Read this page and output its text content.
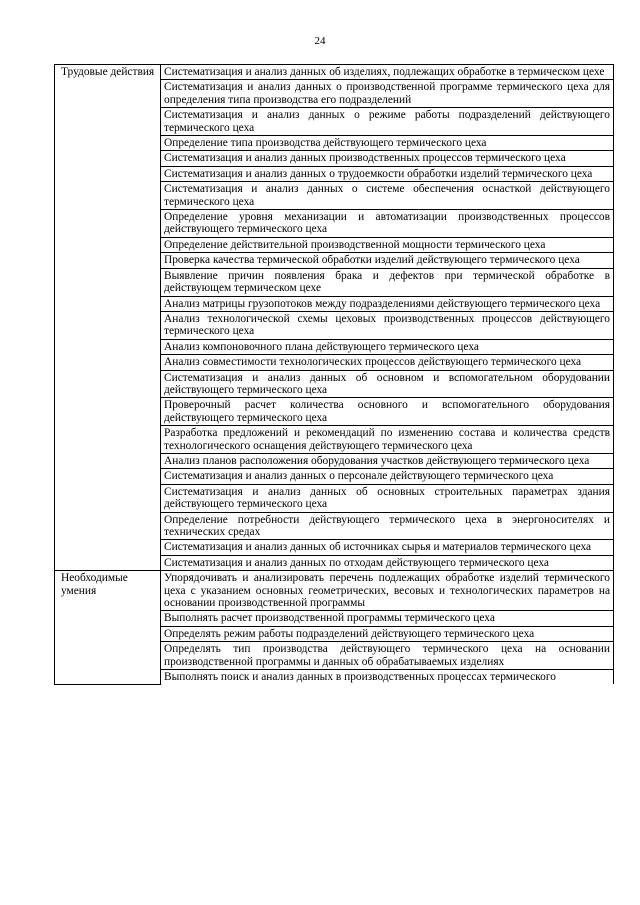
24
Трудовые действия	Систематизация и анализ данных об изделиях, подлежащих обработке в термическом цехе
	Систематизация и анализ данных о производственной программе термического цеха для определения типа производства его подразделений
	Систематизация и анализ данных о режиме работы подразделений действующего термического цеха
	Определение типа производства действующего термического цеха
	Систематизация и анализ данных производственных процессов термического цеха
	Систематизация и анализ данных о трудоемкости обработки изделий термического цеха
	Систематизация и анализ данных о системе обеспечения оснасткой действующего термического цеха
	Определение уровня механизации и автоматизации производственных процессов действующего термического цеха
	Определение действительной производственной мощности термического цеха
	Проверка качества термической обработки изделий действующего термического цеха
	Выявление причин появления брака и дефектов при термической обработке в действующем термическом цехе
	Анализ матрицы грузопотоков между подразделениями действующего термического цеха
	Анализ технологической схемы цеховых производственных процессов действующего термического цеха
	Анализ компоновочного плана действующего термического цеха
	Анализ совместимости технологических процессов действующего термического цеха
	Систематизация и анализ данных об основном и вспомогательном оборудовании действующего термического цеха
	Проверочный расчет количества основного и вспомогательного оборудования действующего термического цеха
	Разработка предложений и рекомендаций по изменению состава и количества средств технологического оснащения действующего термического цеха
	Анализ планов расположения оборудования участков действующего термического цеха
	Систематизация и анализ данных о персонале действующего термического цеха
	Систематизация и анализ данных об основных строительных параметрах здания действующего термического цеха
	Определение потребности действующего термического цеха в энергоносителях и технических средах
	Систематизация и анализ данных об источниках сырья и материалов термического цеха
	Систематизация и анализ данных по отходам действующего термического цеха
Необходимые умения	Упорядочивать и анализировать перечень подлежащих обработке изделий термического цеха с указанием основных геометрических, весовых и технологических параметров на основании производственной программы
	Выполнять расчет производственной программы термического цеха
	Определять режим работы подразделений действующего термического цеха
	Определять тип производства действующего термического цеха на основании производственной программы и данных об обрабатываемых изделиях
	Выполнять поиск и анализ данных в производственных процессах термического
